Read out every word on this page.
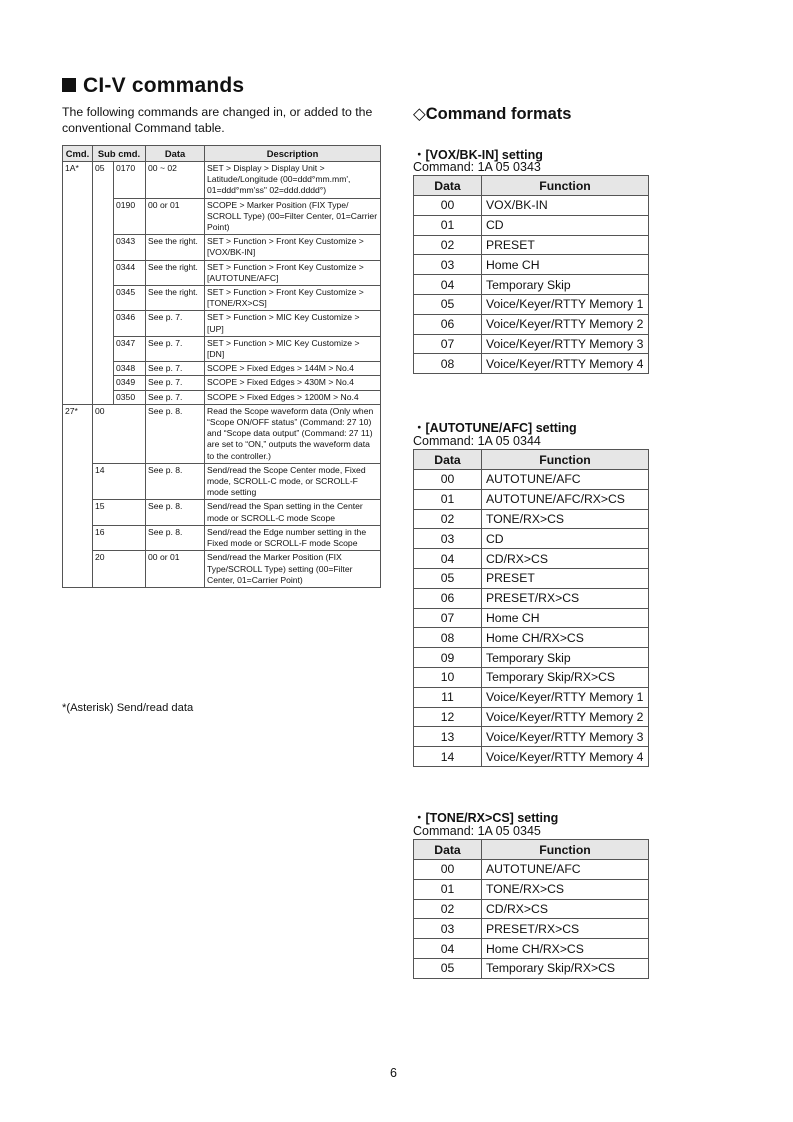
CI-V commands
The following commands are changed in, or added to the conventional Command table.
Cmd.	Sub cmd.		Data	Description
1A*	05	0170	00 ~ 02	SET > Display > Display Unit > Latitude/Longitude (00=ddd°mm.mm', 01=ddd°mm'ss" 02=ddd.dddd°)
		0190	00 or 01	SCOPE > Marker Position (FIX Type/ SCROLL Type) (00=Filter Center, 01=Carrier Point)
		0343	See the right.	SET > Function > Front Key Customize > [VOX/BK-IN]
		0344	See the right.	SET > Function > Front Key Customize > [AUTOTUNE/AFC]
		0345	See the right.	SET > Function > Front Key Customize > [TONE/RX>CS]
		0346	See p. 7.	SET > Function > MIC Key Customize > [UP]
		0347	See p. 7.	SET > Function > MIC Key Customize > [DN]
		0348	See p. 7.	SCOPE > Fixed Edges > 144M > No.4
		0349	See p. 7.	SCOPE > Fixed Edges > 430M > No.4
		0350	See p. 7.	SCOPE > Fixed Edges > 1200M > No.4
27*	00		See p. 8.	Read the Scope waveform data (Only when “Scope ON/OFF status” (Command: 27 10) and “Scope data output” (Command: 27 11) are set to “ON,” outputs the waveform data to the controller.)
	14		See p. 8.	Send/read the Scope Center mode, Fixed mode, SCROLL-C mode, or SCROLL-F mode setting
	15		See p. 8.	Send/read the Span setting in the Center mode or SCROLL-C mode Scope
	16		See p. 8.	Send/read the Edge number setting in the Fixed mode or SCROLL-F mode Scope
	20		00 or 01	Send/read the Marker Position (FIX Type/SCROLL Type) setting (00=Filter Center, 01=Carrier Point)
*(Asterisk) Send/read data
◇Command formats
・[VOX/BK-IN] setting
Command: 1A 05 0343
Data	Function
00	VOX/BK-IN
01	CD
02	PRESET
03	Home CH
04	Temporary Skip
05	Voice/Keyer/RTTY Memory 1
06	Voice/Keyer/RTTY Memory 2
07	Voice/Keyer/RTTY Memory 3
08	Voice/Keyer/RTTY Memory 4
・[AUTOTUNE/AFC] setting
Command: 1A 05 0344
Data	Function
00	AUTOTUNE/AFC
01	AUTOTUNE/AFC/RX>CS
02	TONE/RX>CS
03	CD
04	CD/RX>CS
05	PRESET
06	PRESET/RX>CS
07	Home CH
08	Home CH/RX>CS
09	Temporary Skip
10	Temporary Skip/RX>CS
11	Voice/Keyer/RTTY Memory 1
12	Voice/Keyer/RTTY Memory 2
13	Voice/Keyer/RTTY Memory 3
14	Voice/Keyer/RTTY Memory 4
・[TONE/RX>CS] setting
Command: 1A 05 0345
Data	Function
00	AUTOTUNE/AFC
01	TONE/RX>CS
02	CD/RX>CS
03	PRESET/RX>CS
04	Home CH/RX>CS
05	Temporary Skip/RX>CS
6
